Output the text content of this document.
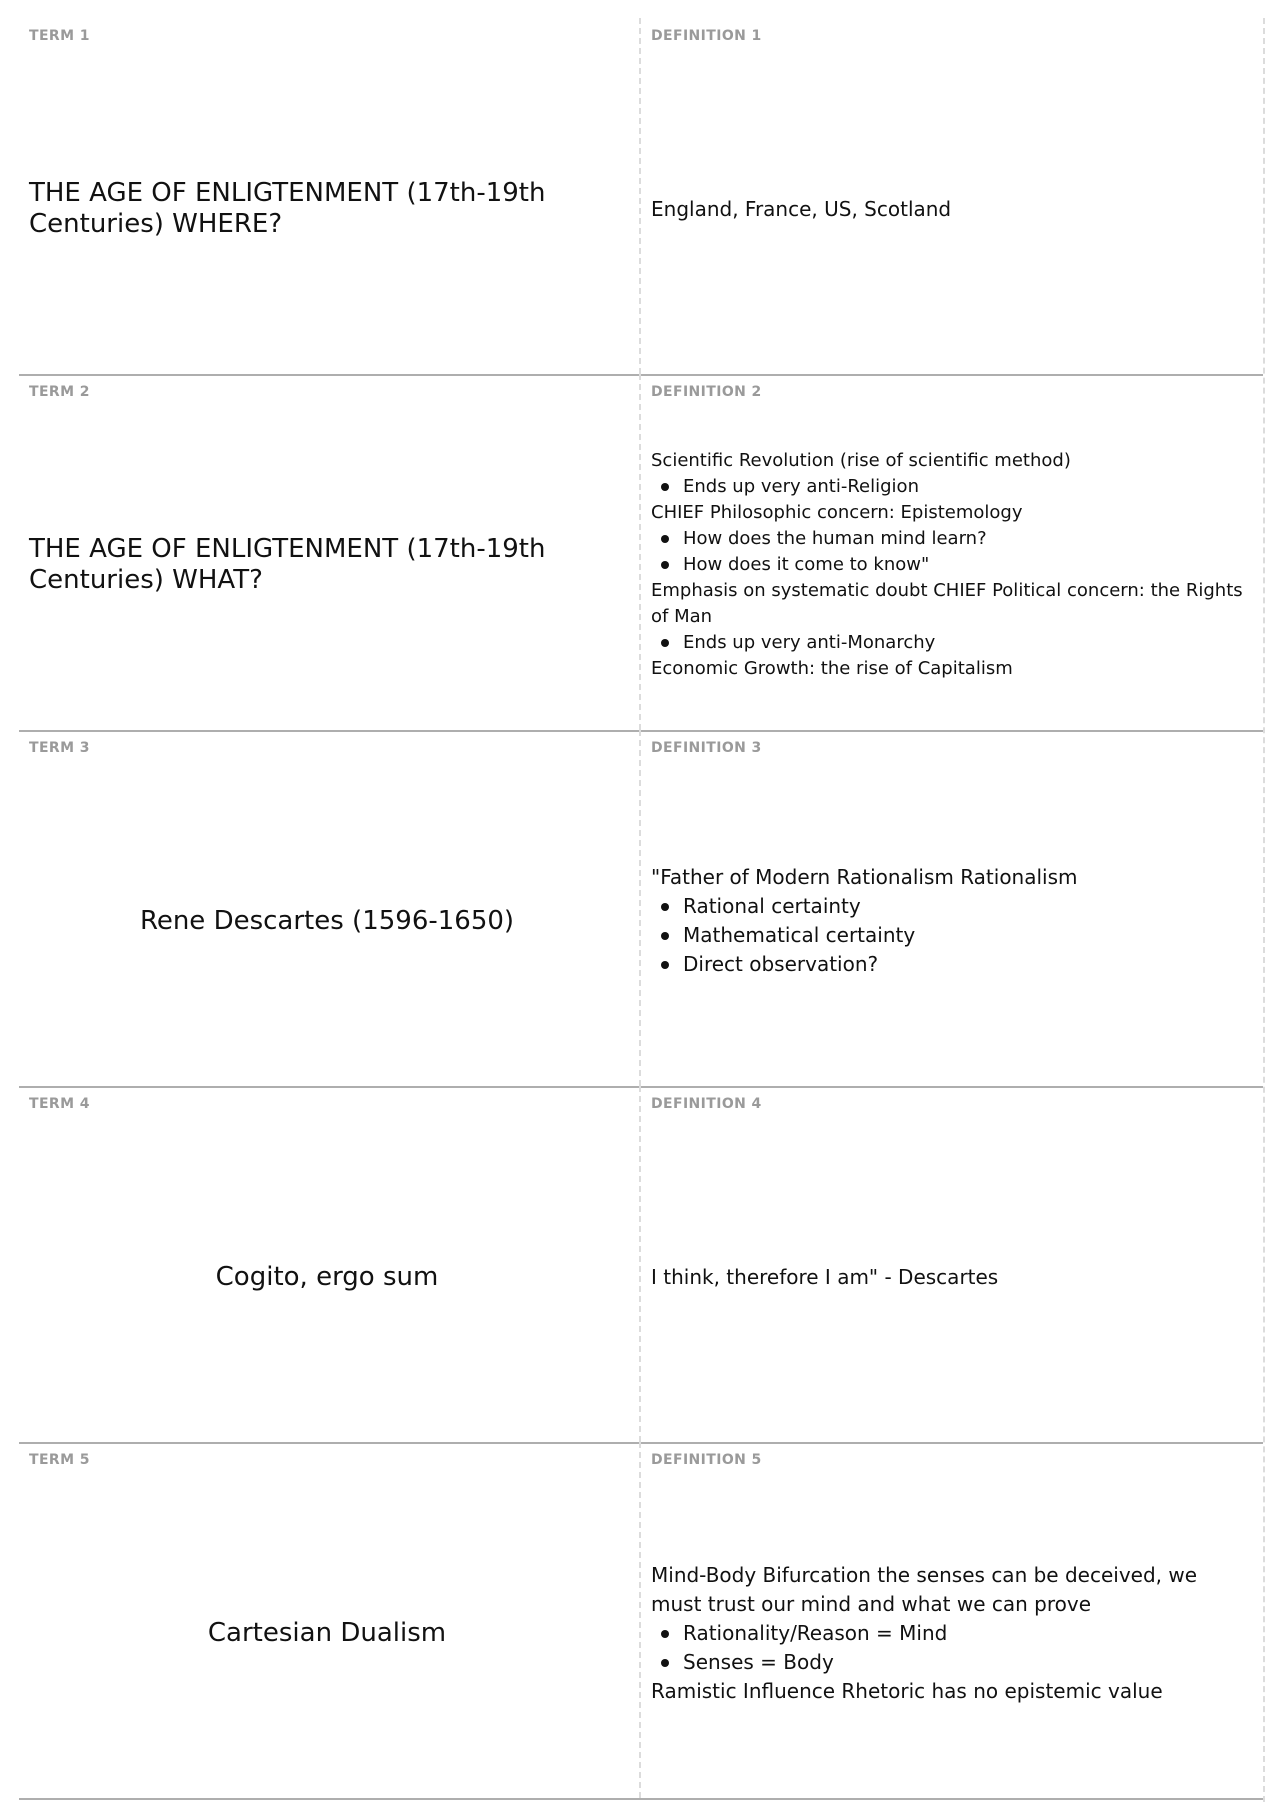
TERM 1
THE AGE OF ENLIGTENMENT (17th-19th Centuries) WHERE?
DEFINITION 1
England, France, US, Scotland
TERM 2
THE AGE OF ENLIGTENMENT (17th-19th Centuries) WHAT?
DEFINITION 2
Scientific Revolution (rise of scientific method)
Ends up very anti-Religion
CHIEF Philosophic concern: Epistemology
How does the human mind learn?
How does it come to know"
Emphasis on systematic doubt CHIEF Political concern: the Rights of Man
Ends up very anti-Monarchy
Economic Growth: the rise of Capitalism
TERM 3
Rene Descartes (1596-1650)
DEFINITION 3
"Father of Modern Rationalism Rationalism
Rational certainty
Mathematical certainty
Direct observation?
TERM 4
Cogito, ergo sum
DEFINITION 4
I think, therefore I am" - Descartes
TERM 5
Cartesian Dualism
DEFINITION 5
Mind-Body Bifurcation the senses can be deceived, we must trust our mind and what we can prove
Rationality/Reason = Mind
Senses = Body
Ramistic Influence Rhetoric has no epistemic value
